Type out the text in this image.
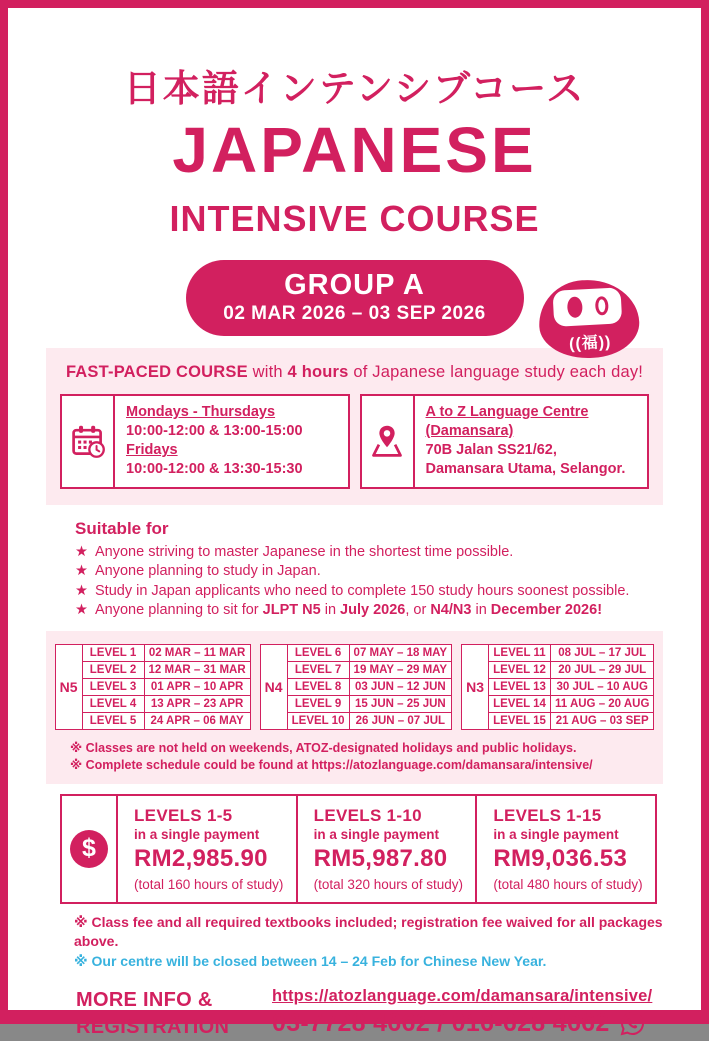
日本語インテンシブコース
JAPANESE
INTENSIVE COURSE
GROUP A
02 MAR 2026 – 03 SEP 2026
((福))
FAST-PACED COURSE with 4 hours of Japanese language study each day!
Mondays - Thursdays
10:00-12:00 & 13:00-15:00
Fridays
10:00-12:00 & 13:30-15:30
A to Z Language Centre
(Damansara)
70B Jalan SS21/62,
Damansara Utama, Selangor.
Suitable for
★ Anyone striving to master Japanese in the shortest time possible.
★ Anyone planning to study in Japan.
★ Study in Japan applicants who need to complete 150 study hours soonest possible.
★ Anyone planning to sit for JLPT N5 in July 2026, or N4/N3 in December 2026!
N5	LEVEL 1	02 MAR – 11 MAR
	LEVEL 2	12 MAR – 31 MAR
	LEVEL 3	01 APR – 10 APR
	LEVEL 4	13 APR – 23 APR
	LEVEL 5	24 APR – 06 MAY
N4	LEVEL 6	07 MAY – 18 MAY
	LEVEL 7	19 MAY – 29 MAY
	LEVEL 8	03 JUN – 12 JUN
	LEVEL 9	15 JUN – 25 JUN
	LEVEL 10	26 JUN – 07 JUL
N3	LEVEL 11	08 JUL – 17 JUL
	LEVEL 12	20 JUL – 29 JUL
	LEVEL 13	30 JUL – 10 AUG
	LEVEL 14	11 AUG – 20 AUG
	LEVEL 15	21 AUG – 03 SEP
※ Classes are not held on weekends, ATOZ-designated holidays and public holidays.
※ Complete schedule could be found at https://atozlanguage.com/damansara/intensive/
$
LEVELS 1-5
in a single payment
RM2,985.90
(total 160 hours of study)
LEVELS 1-10
in a single payment
RM5,987.80
(total 320 hours of study)
LEVELS 1-15
in a single payment
RM9,036.53
(total 480 hours of study)
※ Class fee and all required textbooks included; registration fee waived for all packages above.
※ Our centre will be closed between 14 – 24 Feb for Chinese New Year.
MORE INFO &
REGISTRATION
https://atozlanguage.com/damansara/intensive/
03-7728 4662 / 016-628 4662
